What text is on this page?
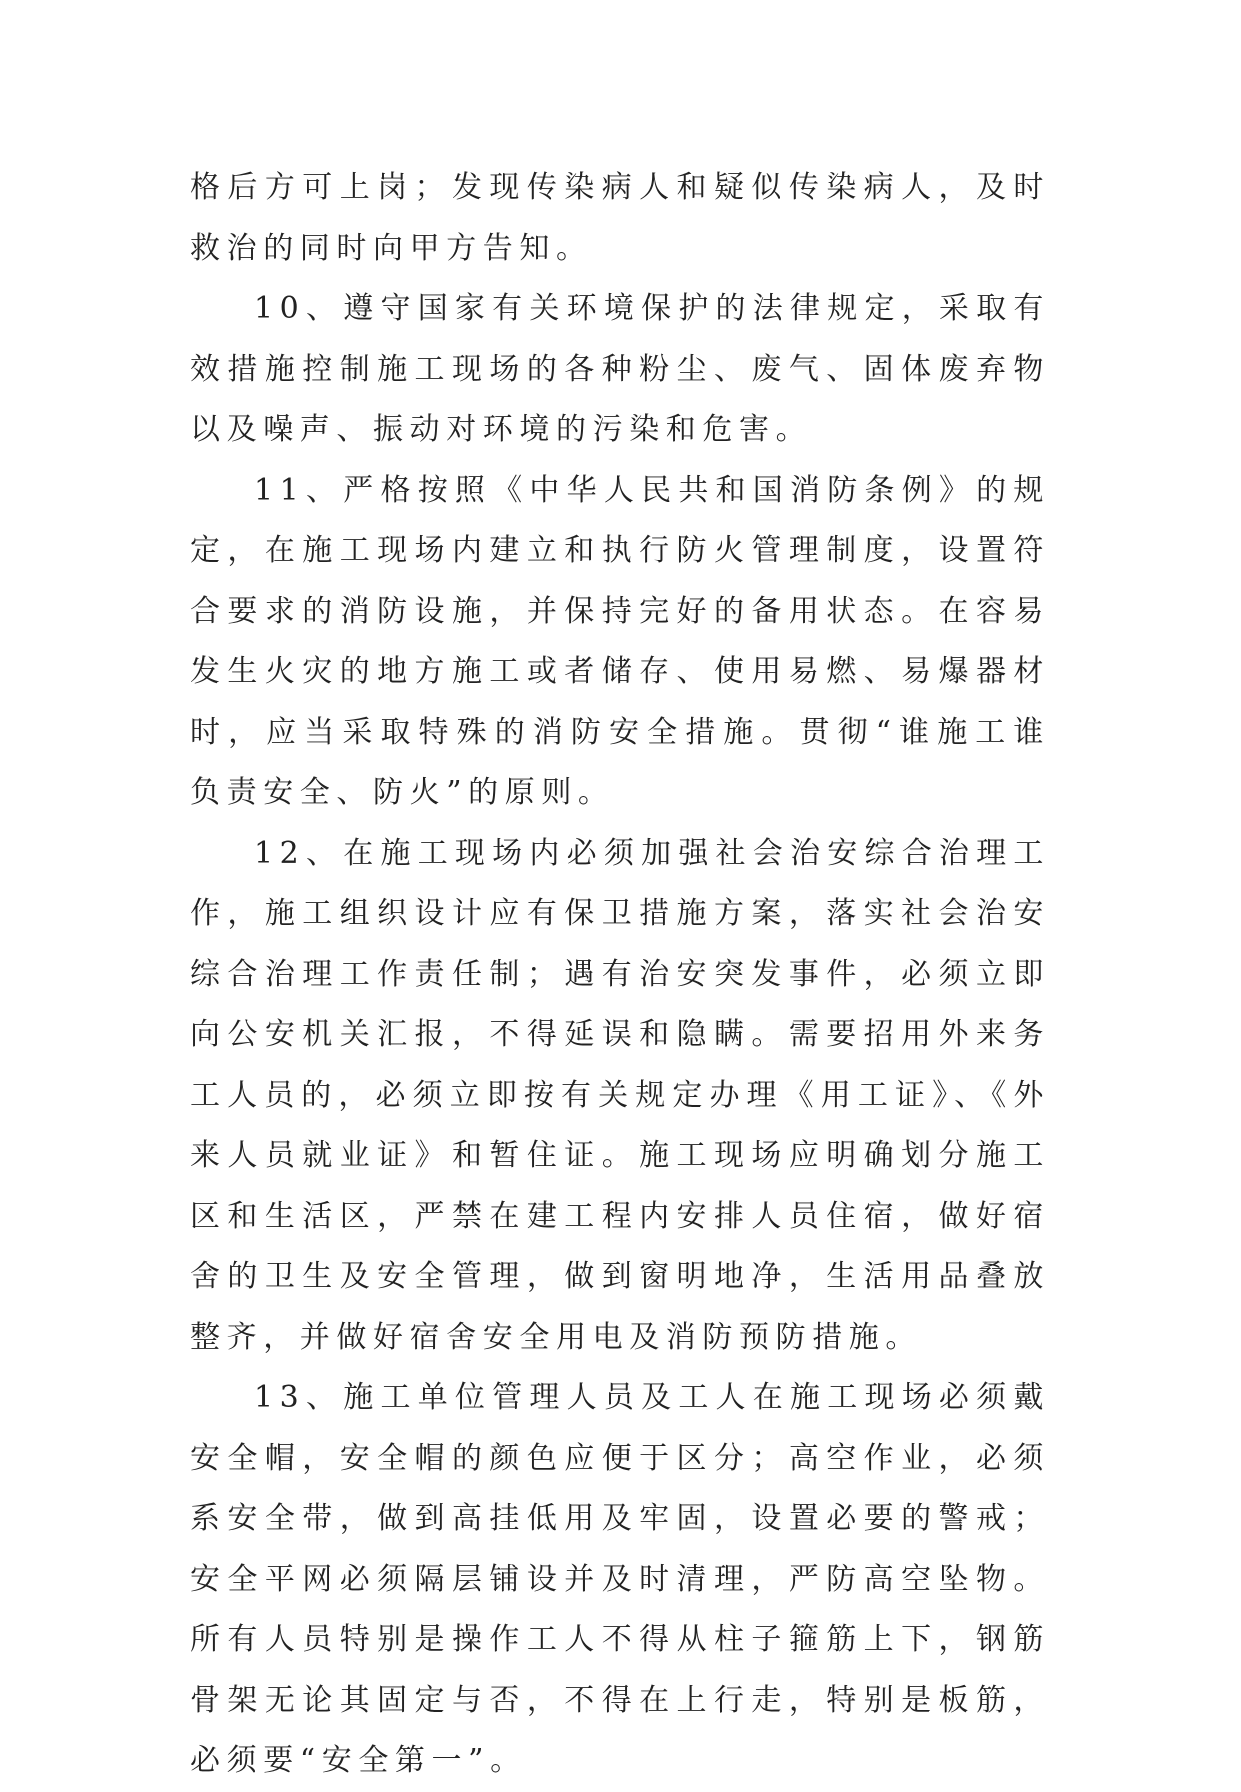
格后方可上岗；发现传染病人和疑似传染病人，及时救治的同时向甲方告知。

10、遵守国家有关环境保护的法律规定，采取有效措施控制施工现场的各种粉尘、废气、固体废弃物以及噪声、振动对环境的污染和危害。

11、严格按照《中华人民共和国消防条例》的规定，在施工现场内建立和执行防火管理制度，设置符合要求的消防设施，并保持完好的备用状态。在容易发生火灾的地方施工或者储存、使用易燃、易爆器材时，应当采取特殊的消防安全措施。贯彻“谁施工谁负责安全、防火”的原则。

12、在施工现场内必须加强社会治安综合治理工作，施工组织设计应有保卫措施方案，落实社会治安综合治理工作责任制；遇有治安突发事件，必须立即向公安机关汇报，不得延误和隐瞒。需要招用外来务工人员的，必须立即按有关规定办理《用工证》、《外来人员就业证》和暂住证。施工现场应明确划分施工区和生活区，严禁在建工程内安排人员住宿，做好宿舍的卫生及安全管理，做到窗明地净，生活用品叠放整齐，并做好宿舍安全用电及消防预防措施。

13、施工单位管理人员及工人在施工现场必须戴安全帽，安全帽的颜色应便于区分；高空作业，必须系安全带，做到高挂低用及牢固，设置必要的警戒；安全平网必须隔层铺设并及时清理，严防高空坠物。所有人员特别是操作工人不得从柱子箍筋上下，钢筋骨架无论其固定与否，不得在上行走，特别是板筋，必须要“安全第一”。
